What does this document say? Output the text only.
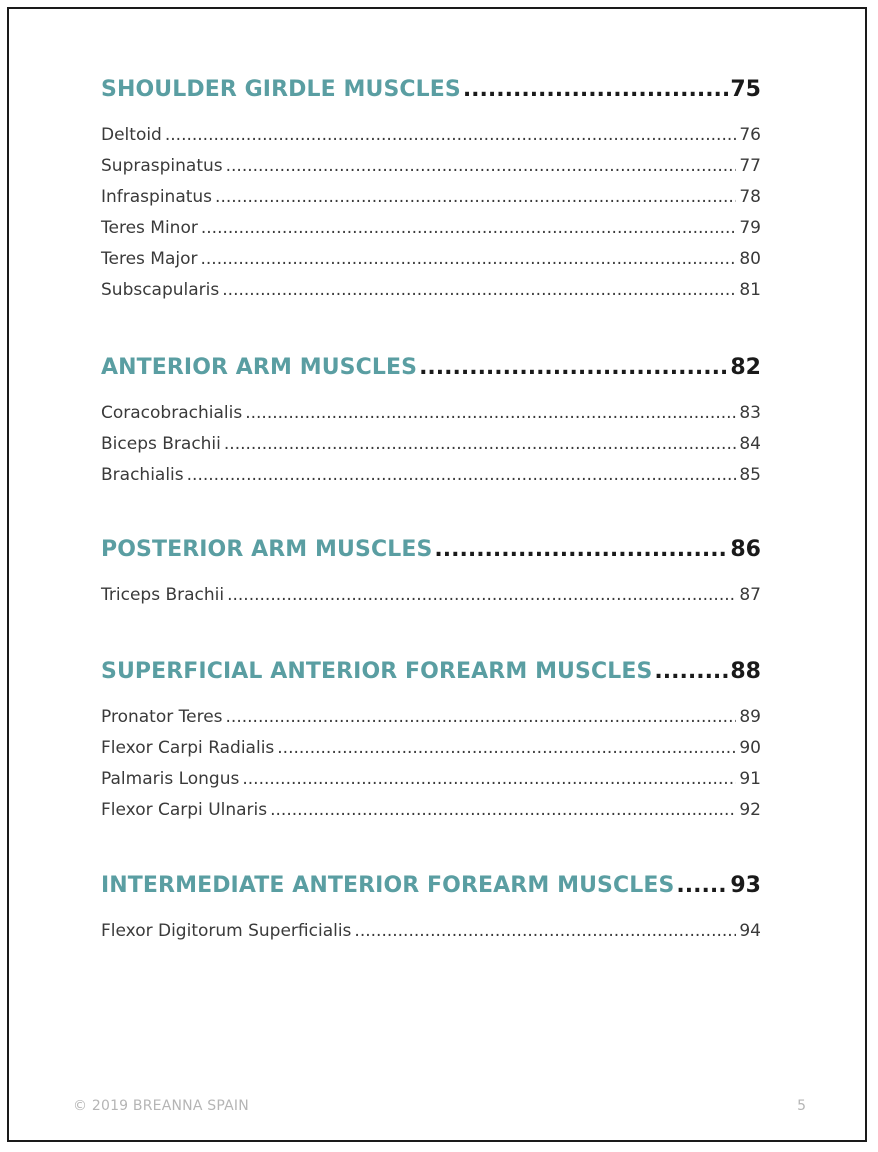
SHOULDER GIRDLE MUSCLES .....	75
Deltoid .....	76
Supraspinatus .....	77
Infraspinatus .....	78
Teres Minor .....	79
Teres Major .....	80
Subscapularis .....	81
ANTERIOR ARM MUSCLES .....	82
Coracobrachialis .....	83
Biceps Brachii .....	84
Brachialis .....	85
POSTERIOR ARM MUSCLES .....	86
Triceps Brachii .....	87
SUPERFICIAL ANTERIOR FOREARM MUSCLES .....	88
Pronator Teres .....	89
Flexor Carpi Radialis .....	90
Palmaris Longus .....	91
Flexor Carpi Ulnaris .....	92
INTERMEDIATE ANTERIOR FOREARM MUSCLES .....	93
Flexor Digitorum Superficialis .....	94
© 2019 BREANNA SPAIN	5
